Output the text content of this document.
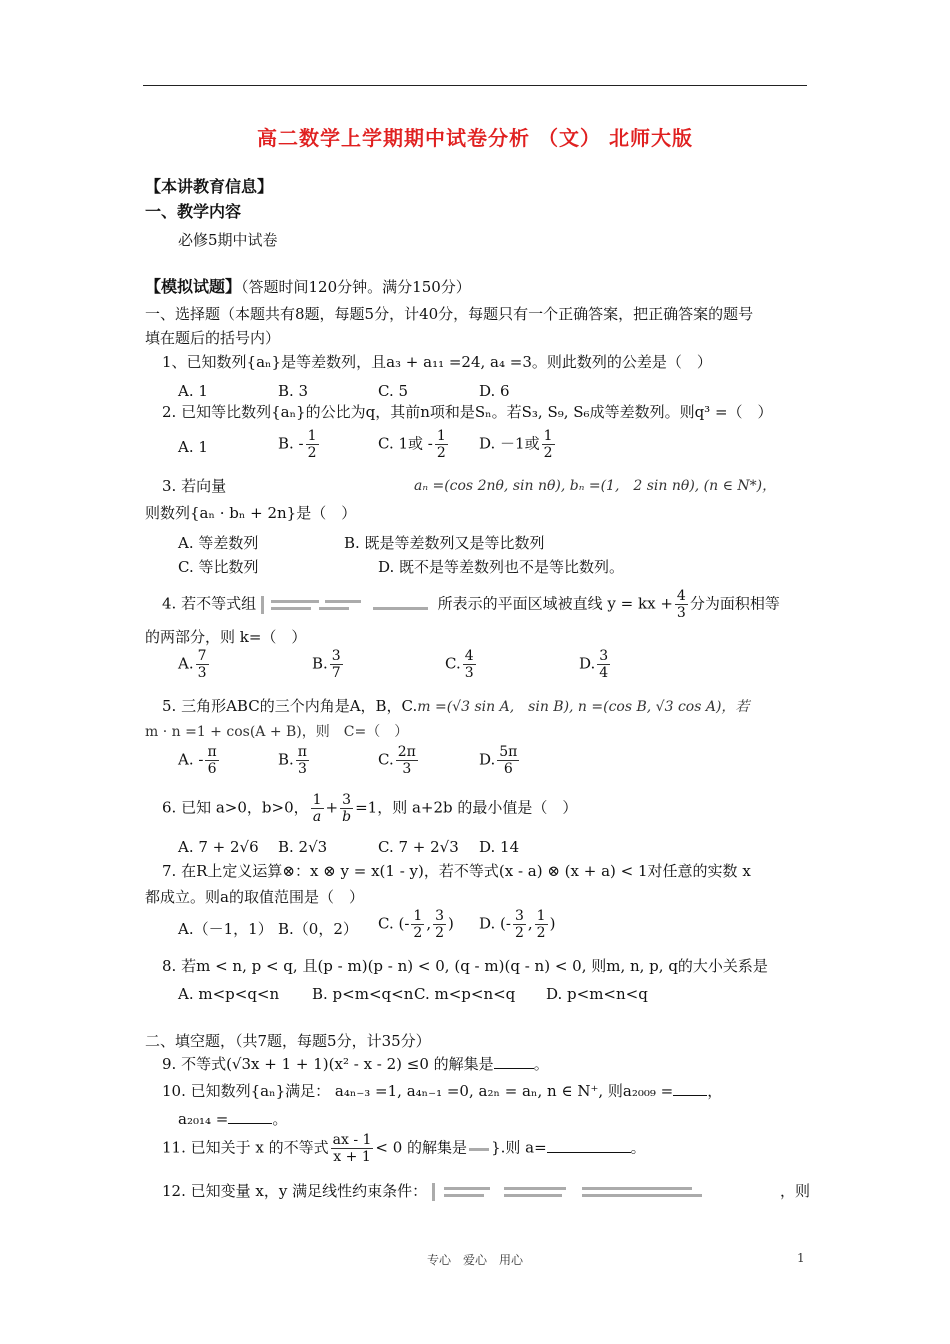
高二数学上学期期中试卷分析 （文） 北师大版
【本讲教育信息】
一、教学内容
必修5期中试卷
【模拟试题】（答题时间120分钟。满分150分）
一、选择题（本题共有8题，每题5分，计40分，每题只有一个正确答案，把正确答案的题号
填在题后的括号内）
1、已知数列{aₙ}是等差数列，且a₃ + a₁₁ =24, a₄ =3。则此数列的公差是（　）
A. 1	B. 3	C. 5	D. 6
2. 已知等比数列{aₙ}的公比为q，其前n项和是Sₙ。若S₃, S₉, S₆成等差数列。则q³ =（　）
A. 1	B. - $\frac{1}{2}$	C. 1或 - $\frac{1}{2} D$. －1或 $\frac{1}{2}$
3. 若向量	aₙ =(cos 2nθ, sin nθ), bₙ =(1,　2 sin nθ), (n ∈ N*)，
则数列{aₙ · bₙ + 2n}是（　）
A. 等差数列	B. 既是等差数列又是等比数列
C. 等比数列	D. 既不是等差数列也不是等比数列。
4. 若不等式组	所表示的平面区域被直线 y = kx + $\frac{4}{3}$ 分为面积相等
的两部分，则 k=（　）
A. $\frac{7}{3}$	B. $\frac{3}{7}$	C. $\frac{4}{3}$	D. $\frac{3}{4}$
5. 三角形ABC的三个内角是A，B，C.m =(√3 sin A,　sin B), n =(cos B, √3 cos A)，若
m · n =1 + cos(A + B)，则　C=（　）
A. - $\frac{\pi}{6}$	B. $\frac{\pi}{3}$	C. $\frac{2\pi}{3}$	D. $\frac{5\pi}{6}$
6. 已知 a>0，b>0， $\frac{1}{a} + \frac{3}{b} =1$，则 a+2b 的最小值是（　）
A. 7 + 2√6 B. 2√3	C. 7 + 2√3 D. 14
7. 在R上定义运算⊗：x ⊗ y = x(1 - y)，若不等式(x - a) ⊗ (x + a) < 1对任意的实数 x
都成立。则a的取值范围是（　）
A.（－1，1） B.（0，2） C. (- $\frac{1}{2}$ , $\frac{3}{2}$ ) D. (- $\frac{3}{2}$ , $\frac{1}{2}$ )
8. 若m < n, p < q, 且(p - m)(p - n) < 0, (q - m)(q - n) < 0, 则m, n, p, q的大小关系是
A. m<p<q<n B. p<m<q<n C. m<p<n<q D. p<m<n<q
二、填空题，（共7题，每题5分，计35分）
9. 不等式(√3x + 1 + 1)(x² - x - 2) ≤0 的解集是	。
10. 已知数列{aₙ}满足： a₄ₙ₋₃ =1, a₄ₙ₋₁ =0, a₂ₙ = aₙ, n ∈ N⁺, 则a₂₀₀₉ = ，
a₂₀₁₄ =	。
11. 已知关于 x 的不等式 $\frac{ax - 1}{x + 1} < 0$ 的解集是 }.则 a=	。
12. 已知变量 x，y 满足线性约束条件：	，则
专心　爱心　用心	1
